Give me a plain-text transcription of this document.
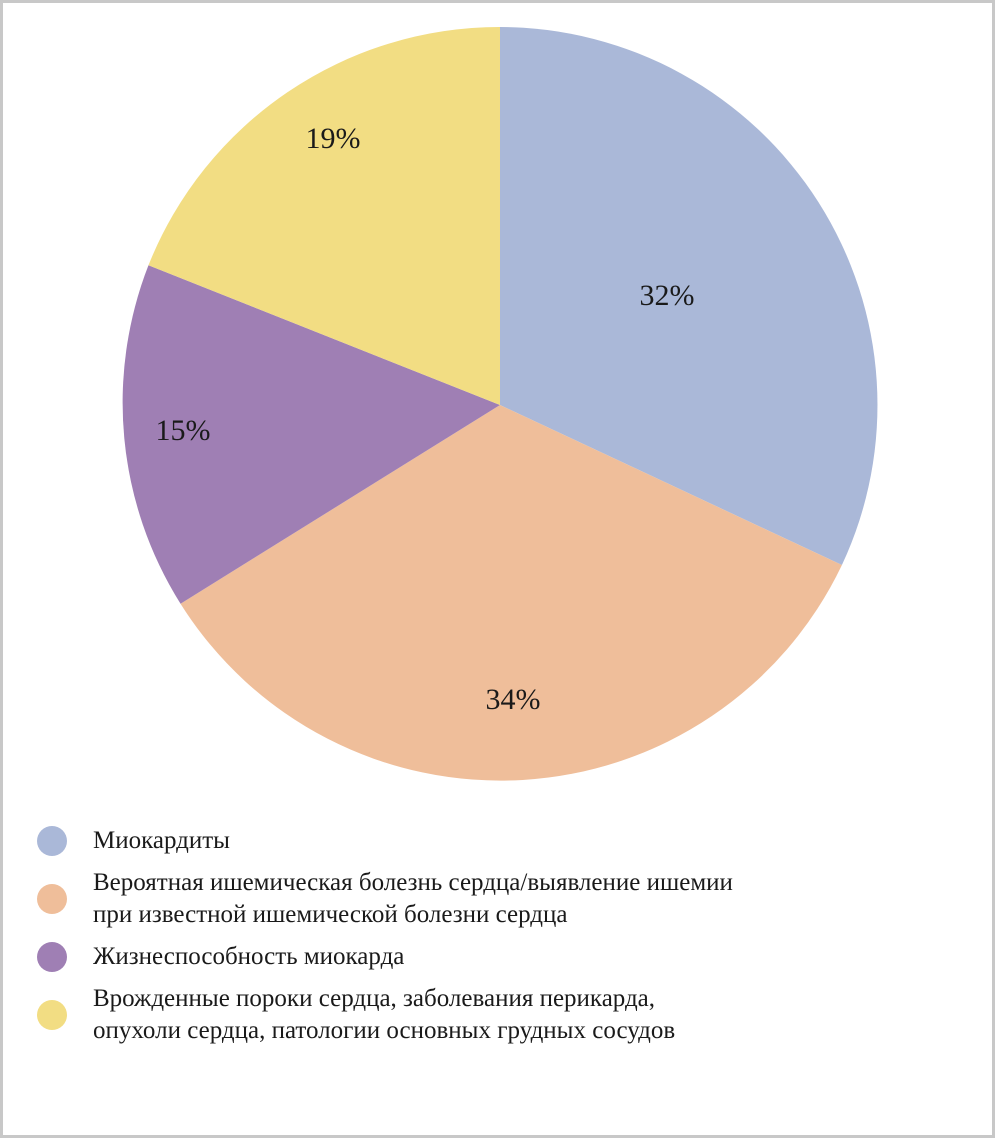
32%
34%
15%
19%
Миокардиты
Вероятная ишемическая болезнь сердца/выявление ишемии
при известной ишемической болезни сердца
Жизнеспособность миокарда
Врожденные пороки сердца, заболевания перикарда,
опухоли сердца, патологии основных грудных сосудов
